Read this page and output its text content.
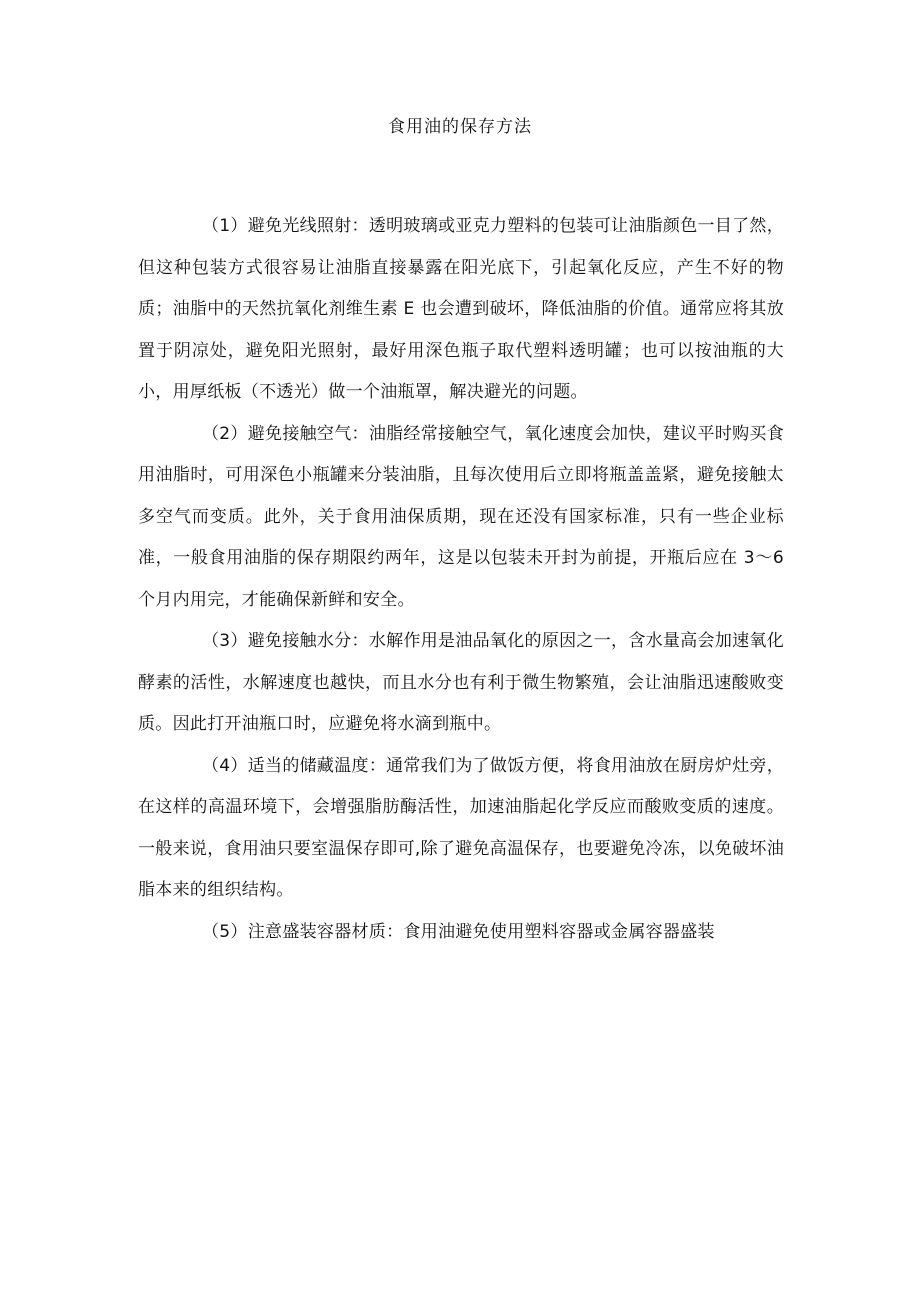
食用油的保存方法

（1）避免光线照射：透明玻璃或亚克力塑料的包装可让油脂颜色一目了然，但这种包装方式很容易让油脂直接暴露在阳光底下，引起氧化反应，产生不好的物质；油脂中的天然抗氧化剂维生素 E 也会遭到破坏，降低油脂的价值。通常应将其放置于阴凉处，避免阳光照射，最好用深色瓶子取代塑料透明罐；也可以按油瓶的大小，用厚纸板（不透光）做一个油瓶罩，解决避光的问题。

（2）避免接触空气：油脂经常接触空气，氧化速度会加快，建议平时购买食用油脂时，可用深色小瓶罐来分装油脂，且每次使用后立即将瓶盖盖紧，避免接触太多空气而变质。此外，关于食用油保质期，现在还没有国家标准，只有一些企业标准，一般食用油脂的保存期限约两年，这是以包装未开封为前提，开瓶后应在 3～6 个月内用完，才能确保新鲜和安全。

（3）避免接触水分：水解作用是油品氧化的原因之一，含水量高会加速氧化酵素的活性，水解速度也越快，而且水分也有利于微生物繁殖，会让油脂迅速酸败变质。因此打开油瓶口时，应避免将水滴到瓶中。

（4）适当的储藏温度：通常我们为了做饭方便，将食用油放在厨房炉灶旁，在这样的高温环境下，会增强脂肪酶活性，加速油脂起化学反应而酸败变质的速度。一般来说，食用油只要室温保存即可,除了避免高温保存，也要避免冷冻，以免破坏油脂本来的组织结构。

（5）注意盛装容器材质：食用油避免使用塑料容器或金属容器盛装
